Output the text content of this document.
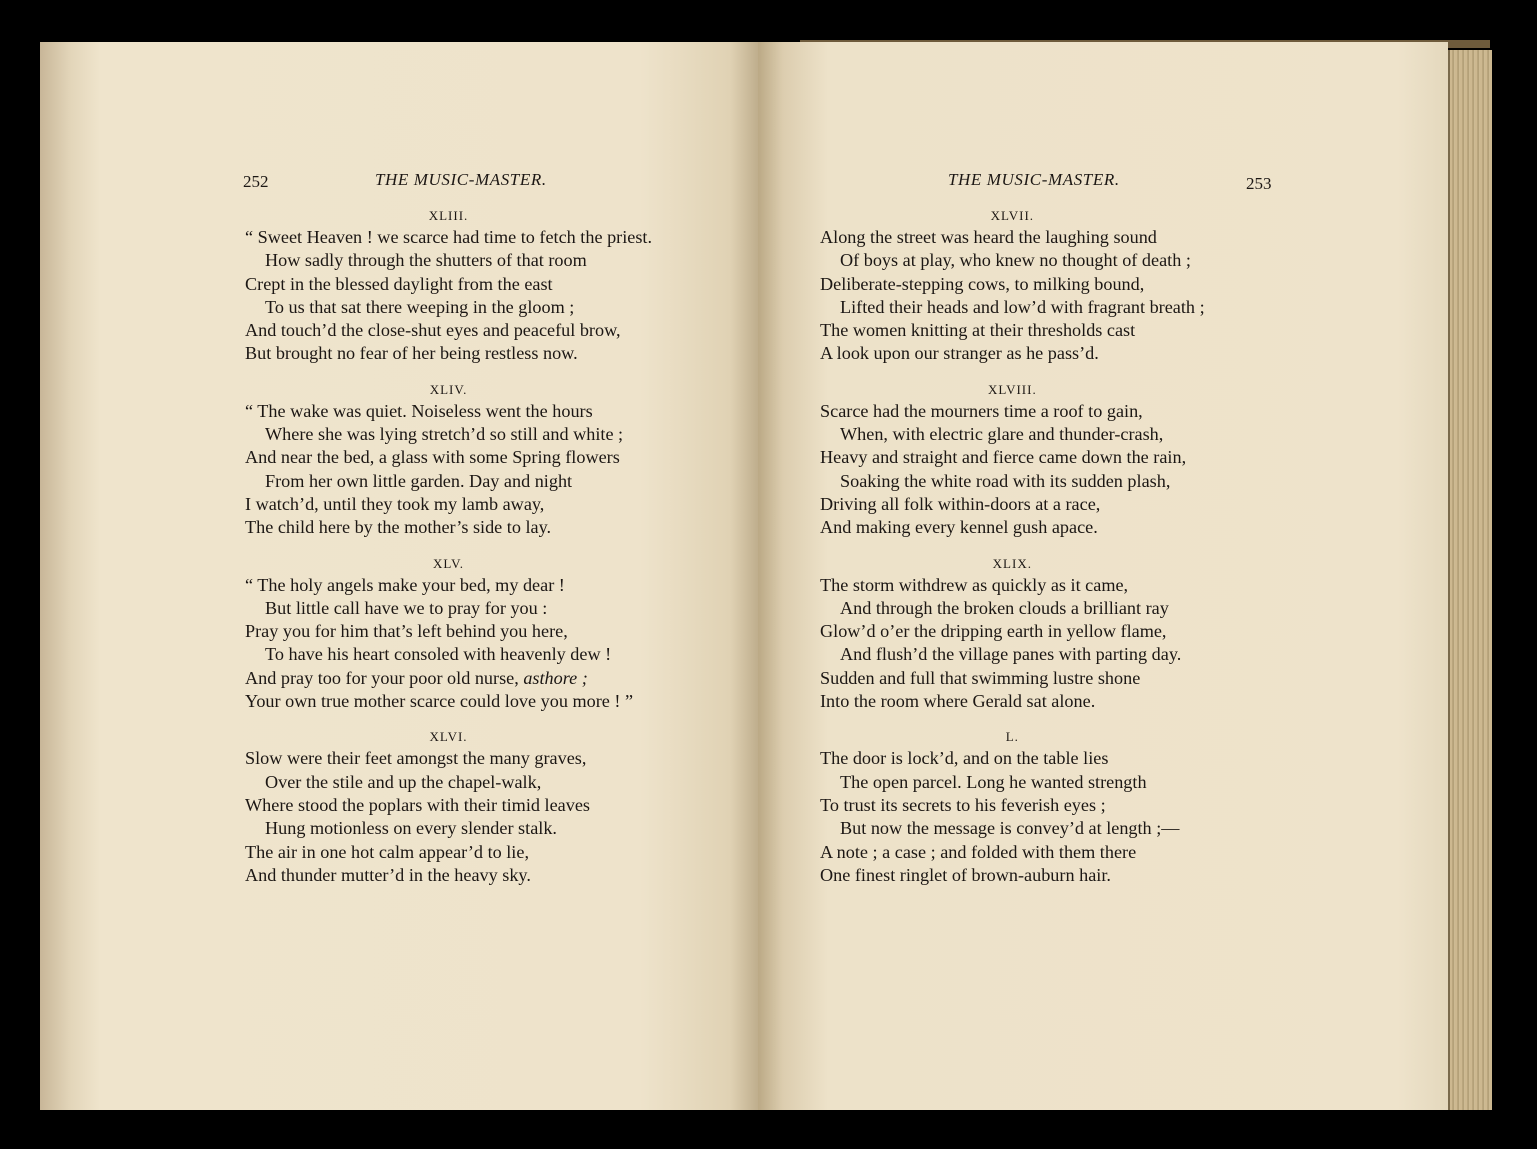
252	THE MUSIC-MASTER.
XLIII.
“ Sweet Heaven ! we scarce had time to fetch the priest.
How sadly through the shutters of that room
Crept in the blessed daylight from the east
To us that sat there weeping in the gloom ;
And touch’d the close-shut eyes and peaceful brow,
But brought no fear of her being restless now.
XLIV.
“ The wake was quiet. Noiseless went the hours
Where she was lying stretch’d so still and white ;
And near the bed, a glass with some Spring flowers
From her own little garden. Day and night
I watch’d, until they took my lamb away,
The child here by the mother’s side to lay.
XLV.
“ The holy angels make your bed, my dear !
But little call have we to pray for you :
Pray you for him that’s left behind you here,
To have his heart consoled with heavenly dew !
And pray too for your poor old nurse, asthore ;
Your own true mother scarce could love you more ! ”
XLVI.
Slow were their feet amongst the many graves,
Over the stile and up the chapel-walk,
Where stood the poplars with their timid leaves
Hung motionless on every slender stalk.
The air in one hot calm appear’d to lie,
And thunder mutter’d in the heavy sky.
THE MUSIC-MASTER.	253
XLVII.
Along the street was heard the laughing sound
Of boys at play, who knew no thought of death ;
Deliberate-stepping cows, to milking bound,
Lifted their heads and low’d with fragrant breath ;
The women knitting at their thresholds cast
A look upon our stranger as he pass’d.
XLVIII.
Scarce had the mourners time a roof to gain,
When, with electric glare and thunder-crash,
Heavy and straight and fierce came down the rain,
Soaking the white road with its sudden plash,
Driving all folk within-doors at a race,
And making every kennel gush apace.
XLIX.
The storm withdrew as quickly as it came,
And through the broken clouds a brilliant ray
Glow’d o’er the dripping earth in yellow flame,
And flush’d the village panes with parting day.
Sudden and full that swimming lustre shone
Into the room where Gerald sat alone.
L.
The door is lock’d, and on the table lies
The open parcel. Long he wanted strength
To trust its secrets to his feverish eyes ;
But now the message is convey’d at length ;—
A note ; a case ; and folded with them there
One finest ringlet of brown-auburn hair.
